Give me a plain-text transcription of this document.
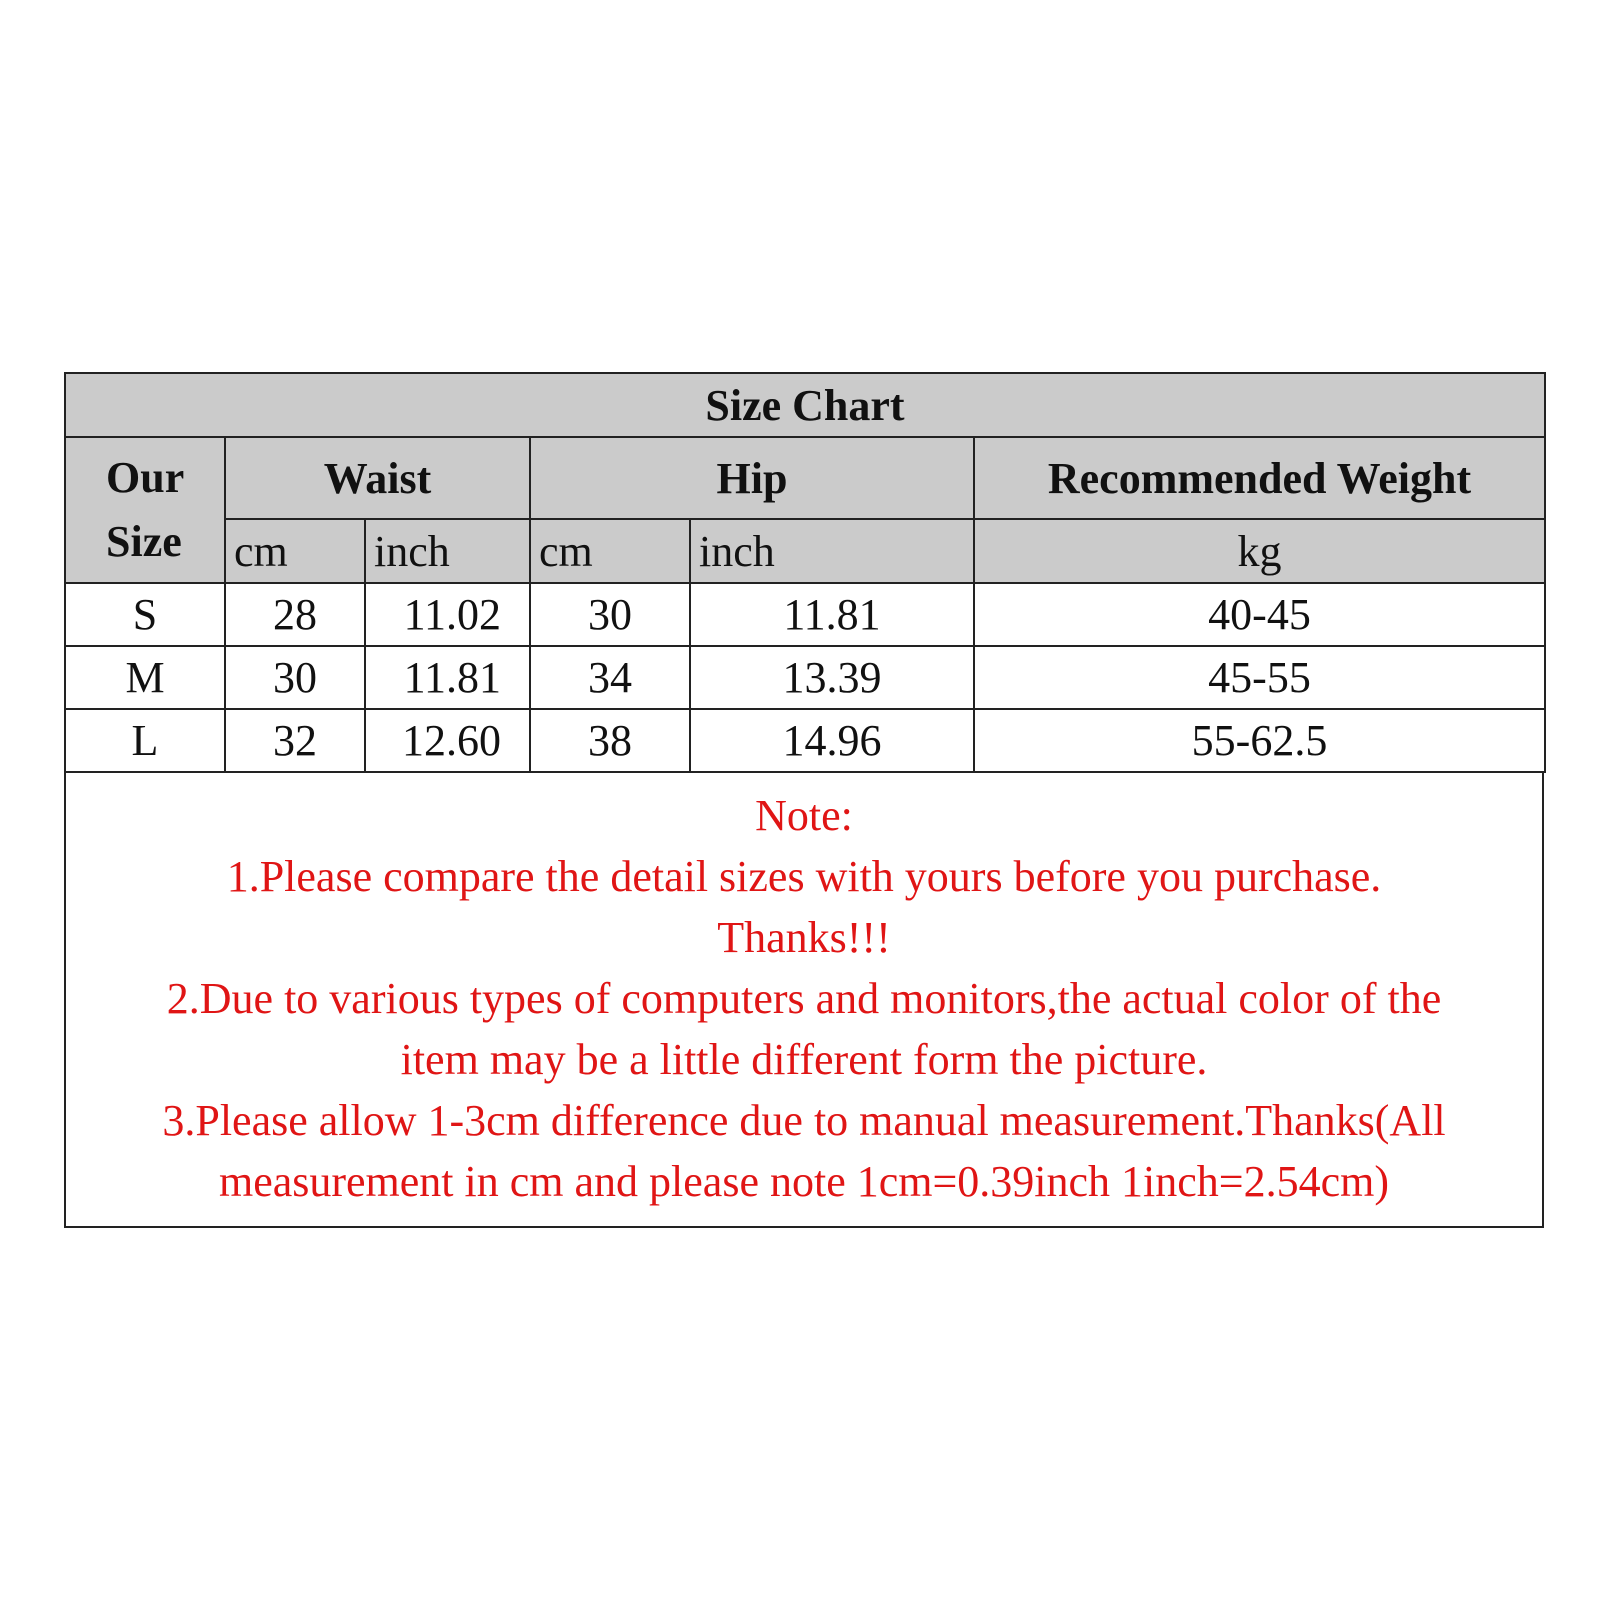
Size Chart					
Our Size	Waist		Hip		Recommended Weight
	cm	inch	cm	inch	kg
S	28	11.02	30	11.81	40-45
M	30	11.81	34	13.39	45-55
L	32	12.60	38	14.96	55-62.5

Note:

1.Please compare the detail sizes with yours before you purchase.

Thanks!!!

2.Due to various types of computers and monitors,the actual color of the

item may be a little different form the picture.

3.Please allow 1-3cm difference due to manual measurement.Thanks(All

measurement in cm and please note 1cm=0.39inch 1inch=2.54cm)
